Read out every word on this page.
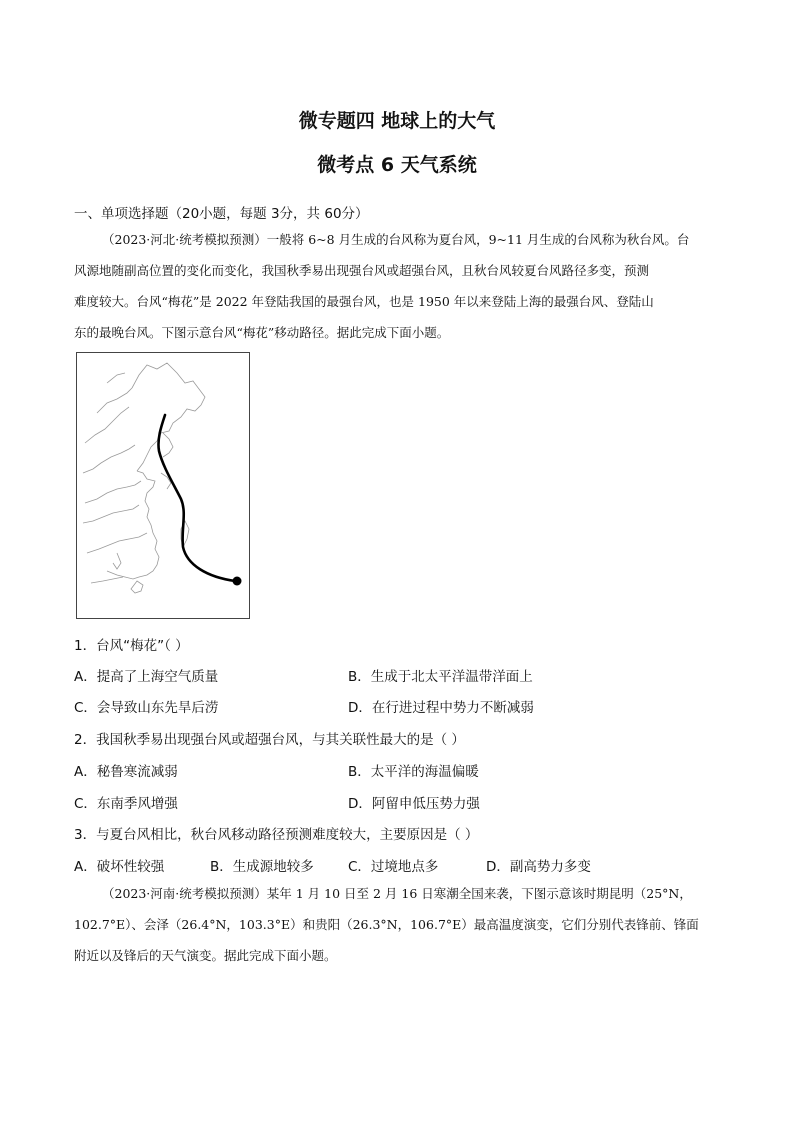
微专题四 地球上的大气
微考点 6 天气系统
一、单项选择题（20小题，每题 3分，共 60分）
（2023·河北·统考模拟预测）一般将 6~8 月生成的台风称为夏台风，9~11 月生成的台风称为秋台风。台
风源地随副高位置的变化而变化，我国秋季易出现强台风或超强台风，且秋台风较夏台风路径多变，预测
难度较大。台风“梅花”是 2022 年登陆我国的最强台风，也是 1950 年以来登陆上海的最强台风、登陆山
东的最晚台风。下图示意台风“梅花”移动路径。据此完成下面小题。
1．台风“梅花”（ ）
A．提高了上海空气质量	B．生成于北太平洋温带洋面上
C．会导致山东先旱后涝	D．在行进过程中势力不断减弱
2．我国秋季易出现强台风或超强台风，与其关联性最大的是（ ）
A．秘鲁寒流减弱	B．太平洋的海温偏暖
C．东南季风增强	D．阿留申低压势力强
3．与夏台风相比，秋台风移动路径预测难度较大，主要原因是（ ）
A．破坏性较强	B．生成源地较多	C．过境地点多	D．副高势力多变
（2023·河南·统考模拟预测）某年 1 月 10 日至 2 月 16 日寒潮全国来袭，下图示意该时期昆明（25°N，
102.7°E）、会泽（26.4°N，103.3°E）和贵阳（26.3°N，106.7°E）最高温度演变，它们分别代表锋前、锋面
附近以及锋后的天气演变。据此完成下面小题。
